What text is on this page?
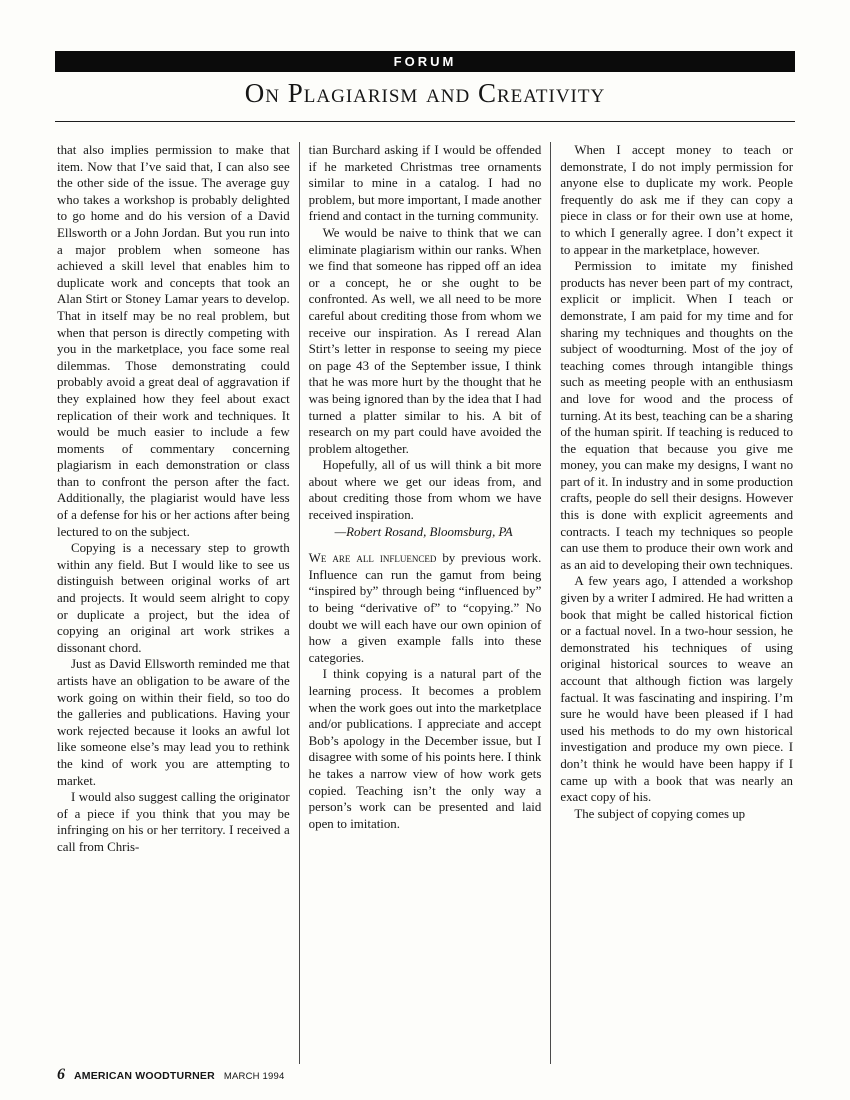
FORUM
On Plagiarism and Creativity

that also implies permission to make that item. Now that I’ve said that, I can also see the other side of the issue. The average guy who takes a workshop is probably delighted to go home and do his version of a David Ellsworth or a John Jordan. But you run into a major problem when someone has achieved a skill level that enables him to duplicate work and concepts that took an Alan Stirt or Stoney Lamar years to develop. That in itself may be no real problem, but when that person is directly competing with you in the marketplace, you face some real dilemmas. Those demonstrating could probably avoid a great deal of aggravation if they explained how they feel about exact replication of their work and techniques. It would be much easier to include a few moments of commentary concerning plagiarism in each demonstration or class than to confront the person after the fact. Additionally, the plagiarist would have less of a defense for his or her actions after being lectured to on the subject.

Copying is a necessary step to growth within any field. But I would like to see us distinguish between original works of art and projects. It would seem alright to copy or duplicate a project, but the idea of copying an original art work strikes a dissonant chord.

Just as David Ellsworth reminded me that artists have an obligation to be aware of the work going on within their field, so too do the galleries and publications. Having your work rejected because it looks an awful lot like someone else’s may lead you to rethink the kind of work you are attempting to market.

I would also suggest calling the originator of a piece if you think that you may be infringing on his or her territory. I received a call from Chris-

tian Burchard asking if I would be offended if he marketed Christmas tree ornaments similar to mine in a catalog. I had no problem, but more important, I made another friend and contact in the turning community.

We would be naive to think that we can eliminate plagiarism within our ranks. When we find that someone has ripped off an idea or a concept, he or she ought to be confronted. As well, we all need to be more careful about crediting those from whom we receive our inspiration. As I reread Alan Stirt’s letter in response to seeing my piece on page 43 of the September issue, I think that he was more hurt by the thought that he was being ignored than by the idea that I had turned a platter similar to his. A bit of research on my part could have avoided the problem altogether.

Hopefully, all of us will think a bit more about where we get our ideas from, and about crediting those from whom we have received inspiration.

—Robert Rosand, Bloomsburg, PA

We are all influenced by previous work. Influence can run the gamut from being “inspired by” through being “influenced by” to being “derivative of” to “copying.” No doubt we will each have our own opinion of how a given example falls into these categories.

I think copying is a natural part of the learning process. It becomes a problem when the work goes out into the marketplace and/or publications. I appreciate and accept Bob’s apology in the December issue, but I disagree with some of his points here. I think he takes a narrow view of how work gets copied. Teaching isn’t the only way a person’s work can be presented and laid open to imitation.

When I accept money to teach or demonstrate, I do not imply permission for anyone else to duplicate my work. People frequently do ask me if they can copy a piece in class or for their own use at home, to which I generally agree. I don’t expect it to appear in the marketplace, however.

Permission to imitate my finished products has never been part of my contract, explicit or implicit. When I teach or demonstrate, I am paid for my time and for sharing my techniques and thoughts on the subject of woodturning. Most of the joy of teaching comes through intangible things such as meeting people with an enthusiasm and love for wood and the process of turning. At its best, teaching can be a sharing of the human spirit. If teaching is reduced to the equation that because you give me money, you can make my designs, I want no part of it. In industry and in some production crafts, people do sell their designs. However this is done with explicit agreements and contracts. I teach my techniques so people can use them to produce their own work and as an aid to developing their own techniques.

A few years ago, I attended a workshop given by a writer I admired. He had written a book that might be called historical fiction or a factual novel. In a two-hour session, he demonstrated his techniques of using original historical sources to weave an account that although fiction was largely factual. It was fascinating and inspiring. I’m sure he would have been pleased if I had used his methods to do my own historical investigation and produce my own piece. I don’t think he would have been happy if I came up with a book that was nearly an exact copy of his.

The subject of copying comes up

6 AMERICAN WOODTURNER MARCH 1994
